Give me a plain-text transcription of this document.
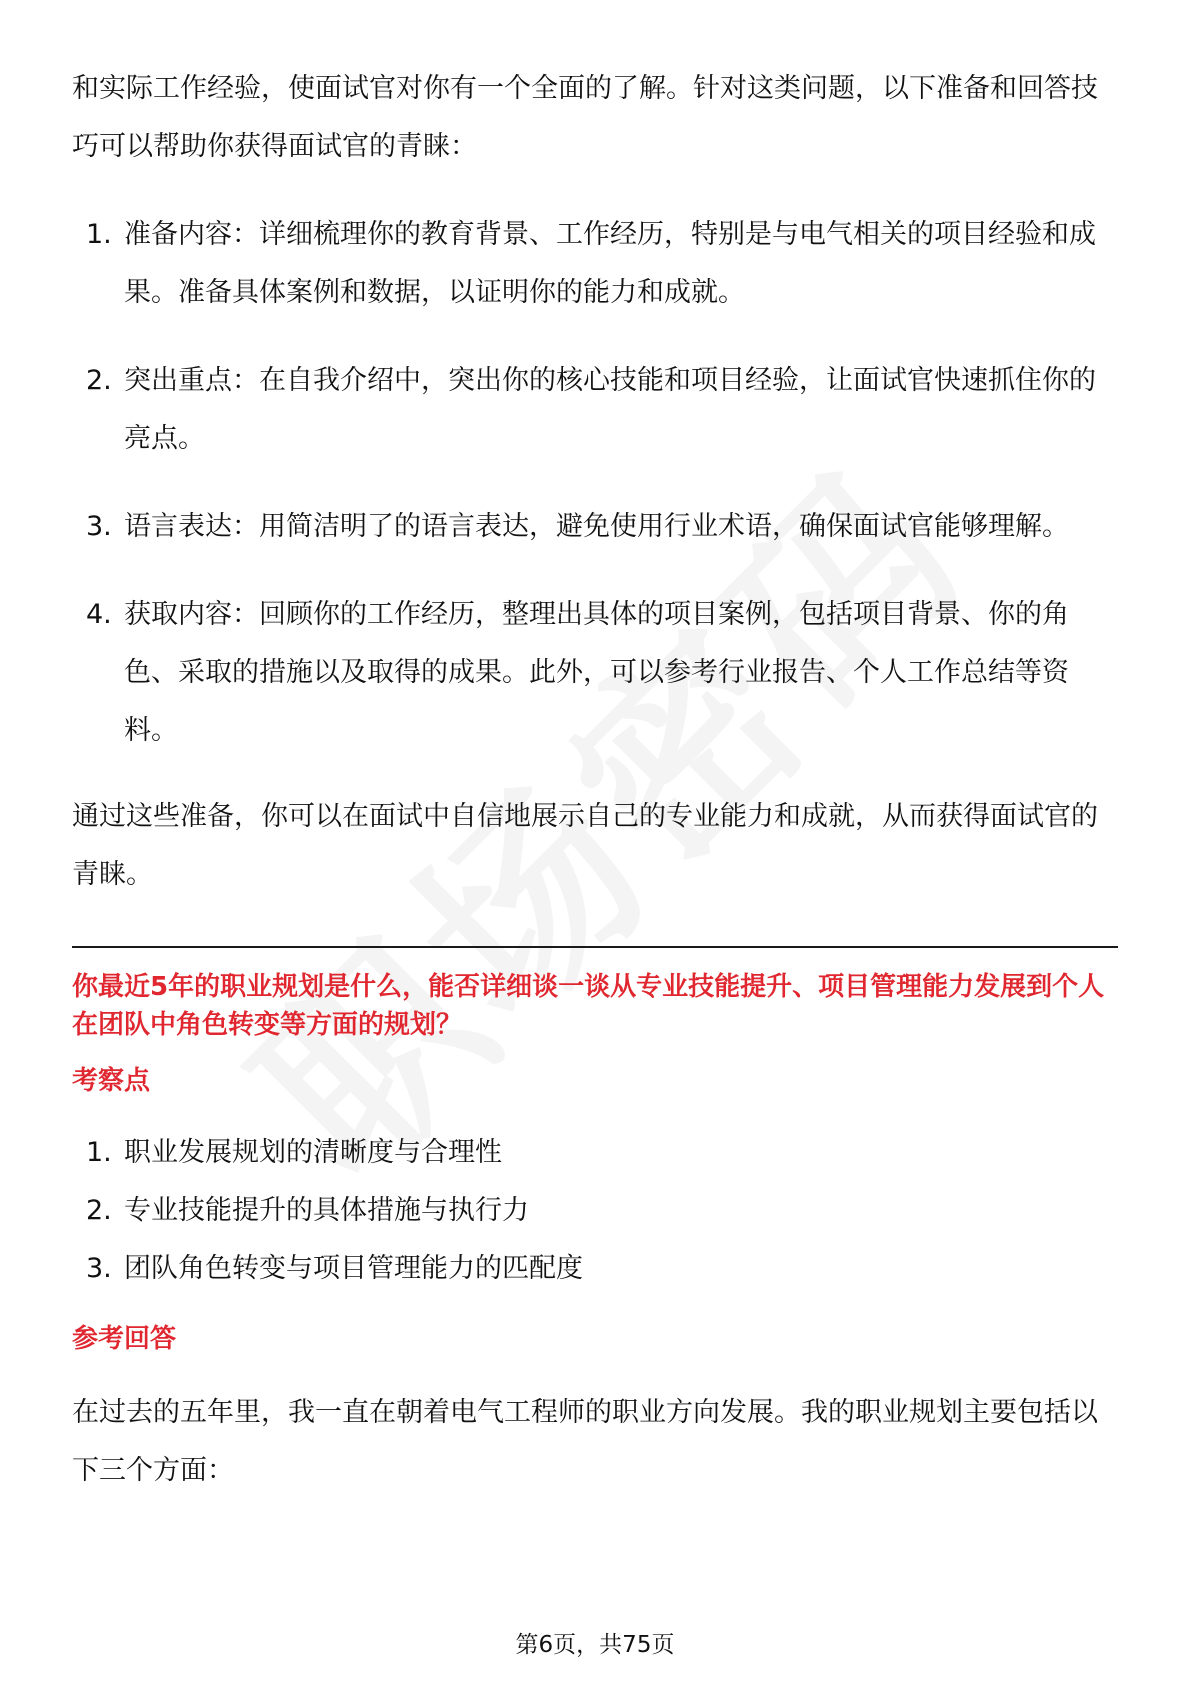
和实际工作经验，使面试官对你有一个全面的了解。针对这类问题，以下准备和回答技巧可以帮助你获得面试官的青睐：

1. 准备内容：详细梳理你的教育背景、工作经历，特别是与电气相关的项目经验和成果。准备具体案例和数据，以证明你的能力和成就。
2. 突出重点：在自我介绍中，突出你的核心技能和项目经验，让面试官快速抓住你的亮点。
3. 语言表达：用简洁明了的语言表达，避免使用行业术语，确保面试官能够理解。
4. 获取内容：回顾你的工作经历，整理出具体的项目案例，包括项目背景、你的角色、采取的措施以及取得的成果。此外，可以参考行业报告、个人工作总结等资料。

通过这些准备，你可以在面试中自信地展示自己的专业能力和成就，从而获得面试官的青睐。

你最近5年的职业规划是什么，能否详细谈一谈从专业技能提升、项目管理能力发展到个人在团队中角色转变等方面的规划？
考察点
1. 职业发展规划的清晰度与合理性
2. 专业技能提升的具体措施与执行力
3. 团队角色转变与项目管理能力的匹配度
参考回答

在过去的五年里，我一直在朝着电气工程师的职业方向发展。我的职业规划主要包括以下三个方面：

第6页，共75页
